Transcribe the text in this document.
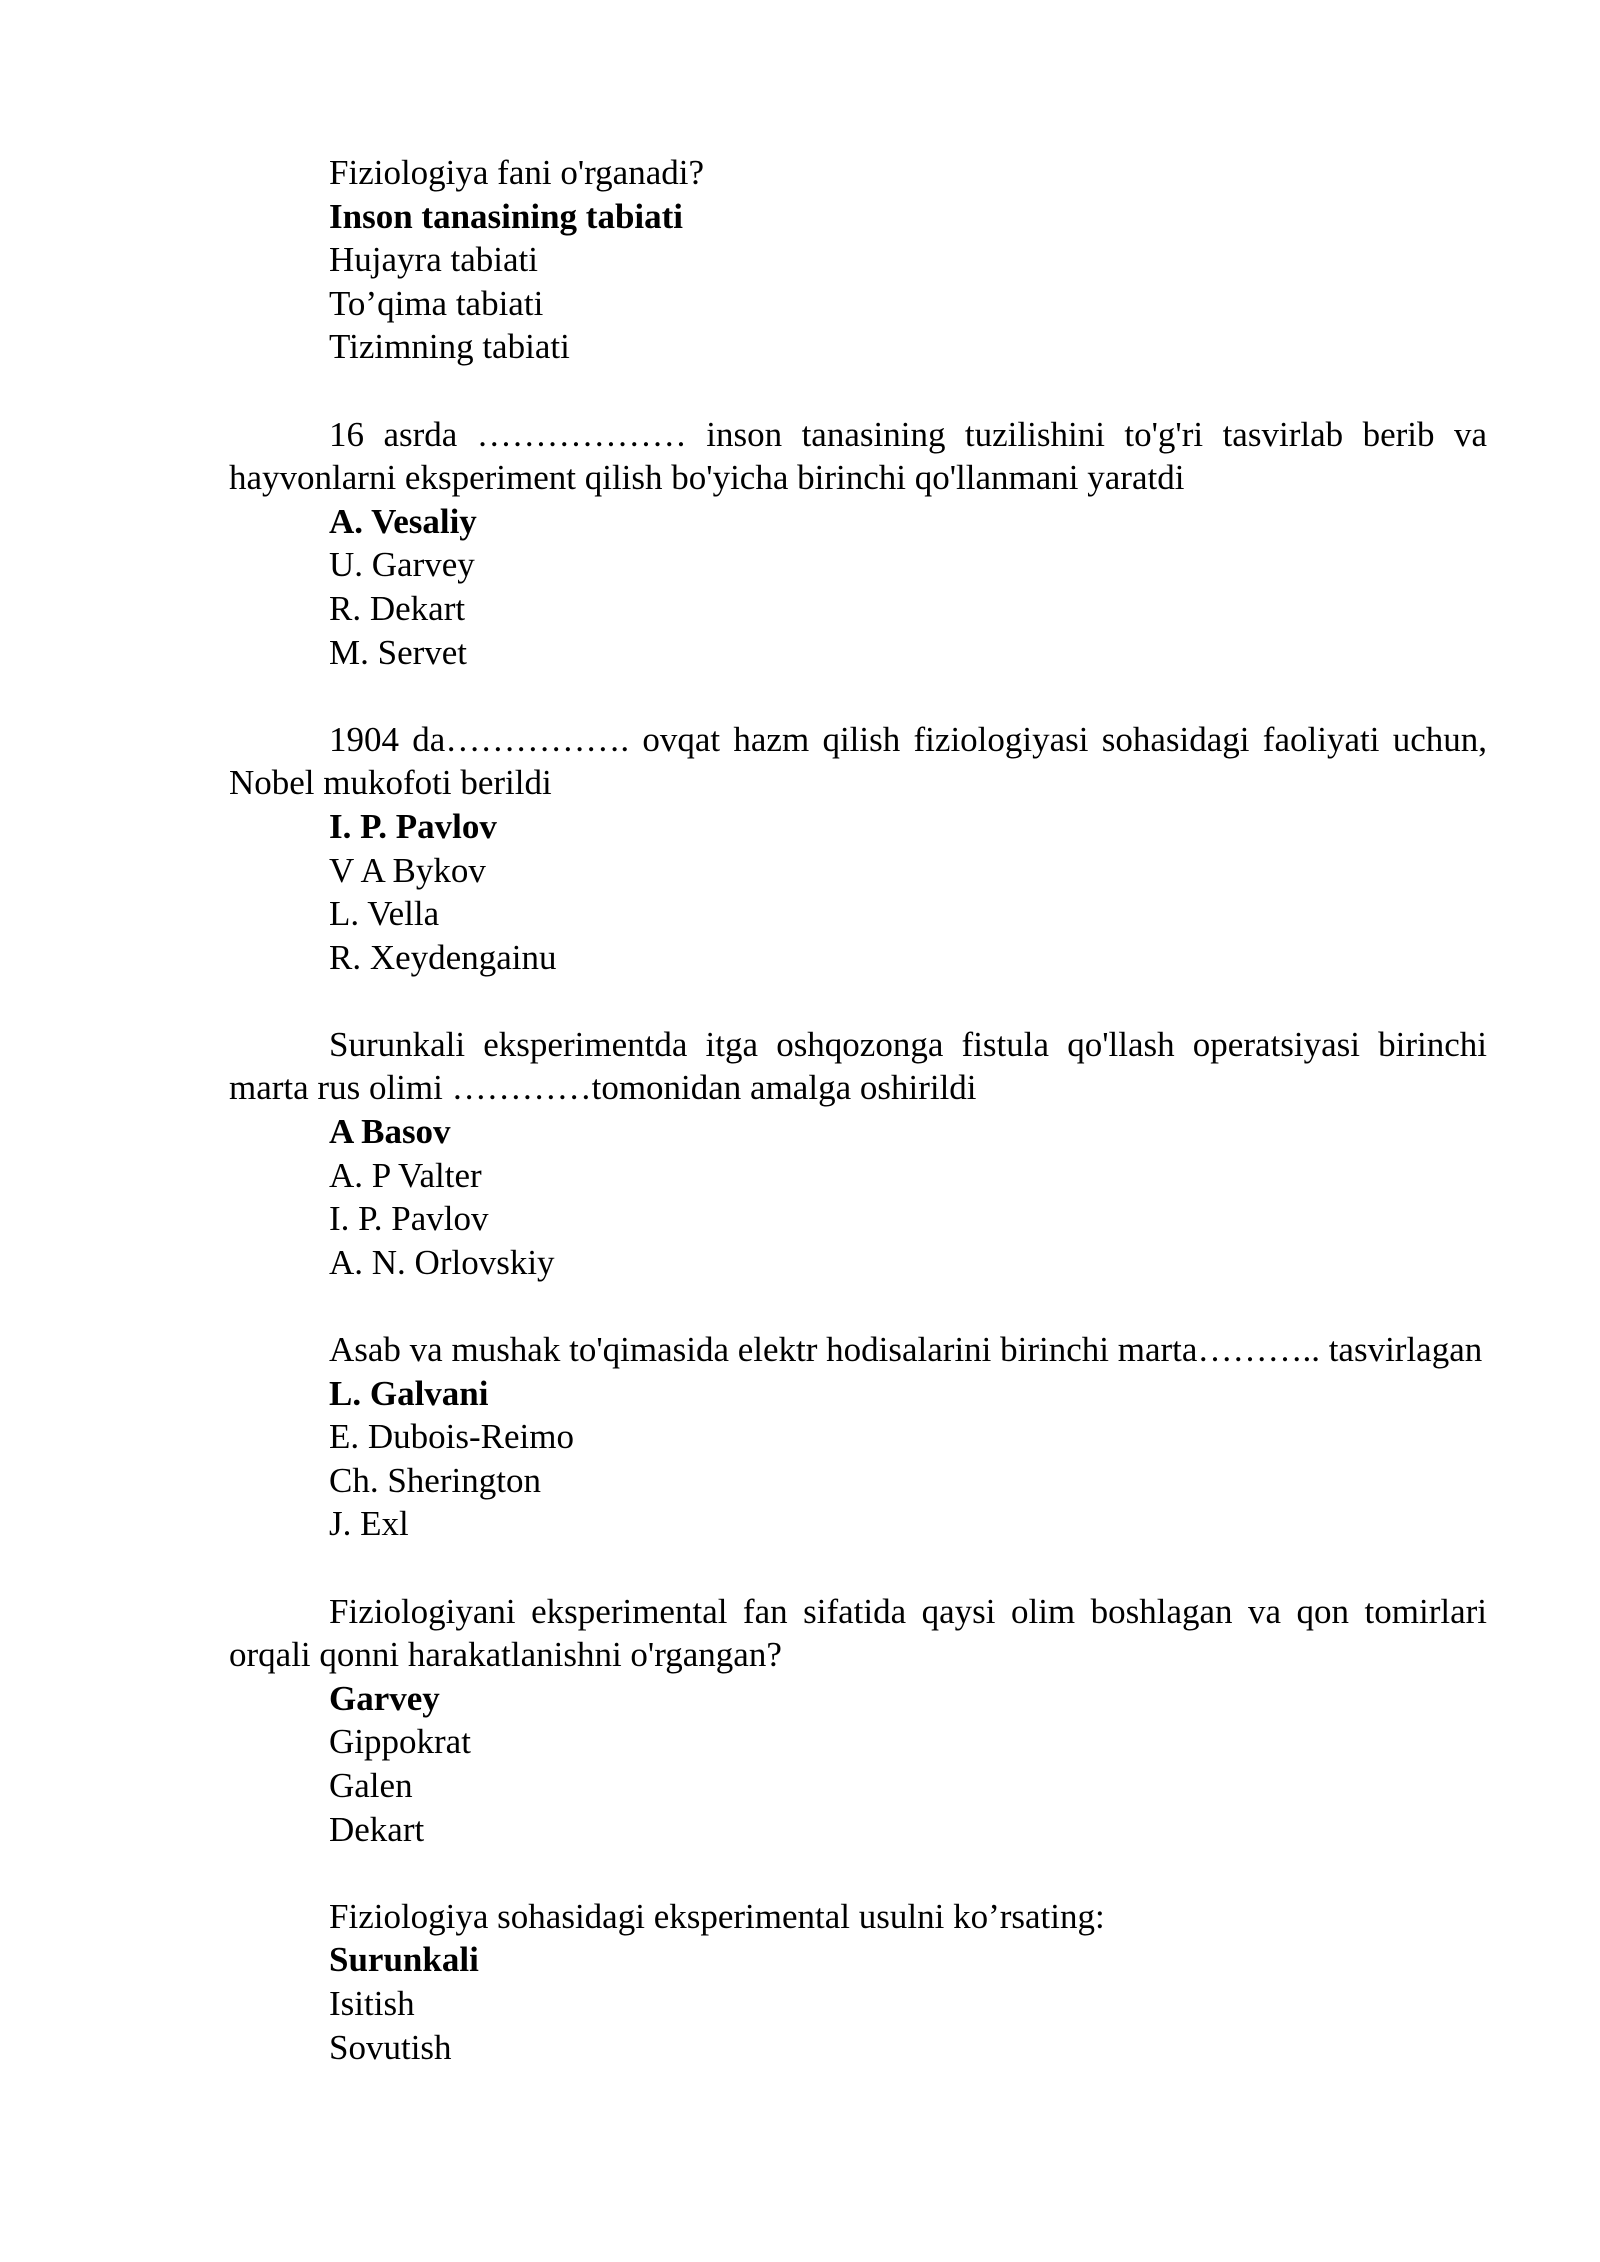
Fiziologiya fani o'rganadi?
Inson tanasining tabiati
Hujayra tabiati
To’qima tabiati
Tizimning tabiati
16 asrda ……………… inson tanasining tuzilishini to'g'ri tasvirlab berib va hayvonlarni eksperiment qilish bo'yicha birinchi qo'llanmani yaratdi
A. Vesaliy
U. Garvey
R. Dekart
M. Servet
1904 da……………. ovqat hazm qilish fiziologiyasi sohasidagi faoliyati uchun, Nobel mukofoti berildi
I. P. Pavlov
V A Bykov
L. Vella
R. Xeydengainu
Surunkali eksperimentda itga oshqozonga fistula qo'llash operatsiyasi birinchi marta rus olimi …………tomonidan amalga oshirildi
A Basov
A. P Valter
I. P. Pavlov
A. N. Orlovskiy
Asab va mushak to'qimasida elektr hodisalarini birinchi marta……….. tasvirlagan
L. Galvani
E. Dubois-Reimo
Ch. Sherington
J. Exl
Fiziologiyani eksperimental fan sifatida qaysi olim boshlagan va qon tomirlari orqali qonni harakatlanishni o'rgangan?
Garvey
Gippokrat
Galen
Dekart
Fiziologiya sohasidagi eksperimental usulni ko’rsating:
Surunkali
Isitish
Sovutish
